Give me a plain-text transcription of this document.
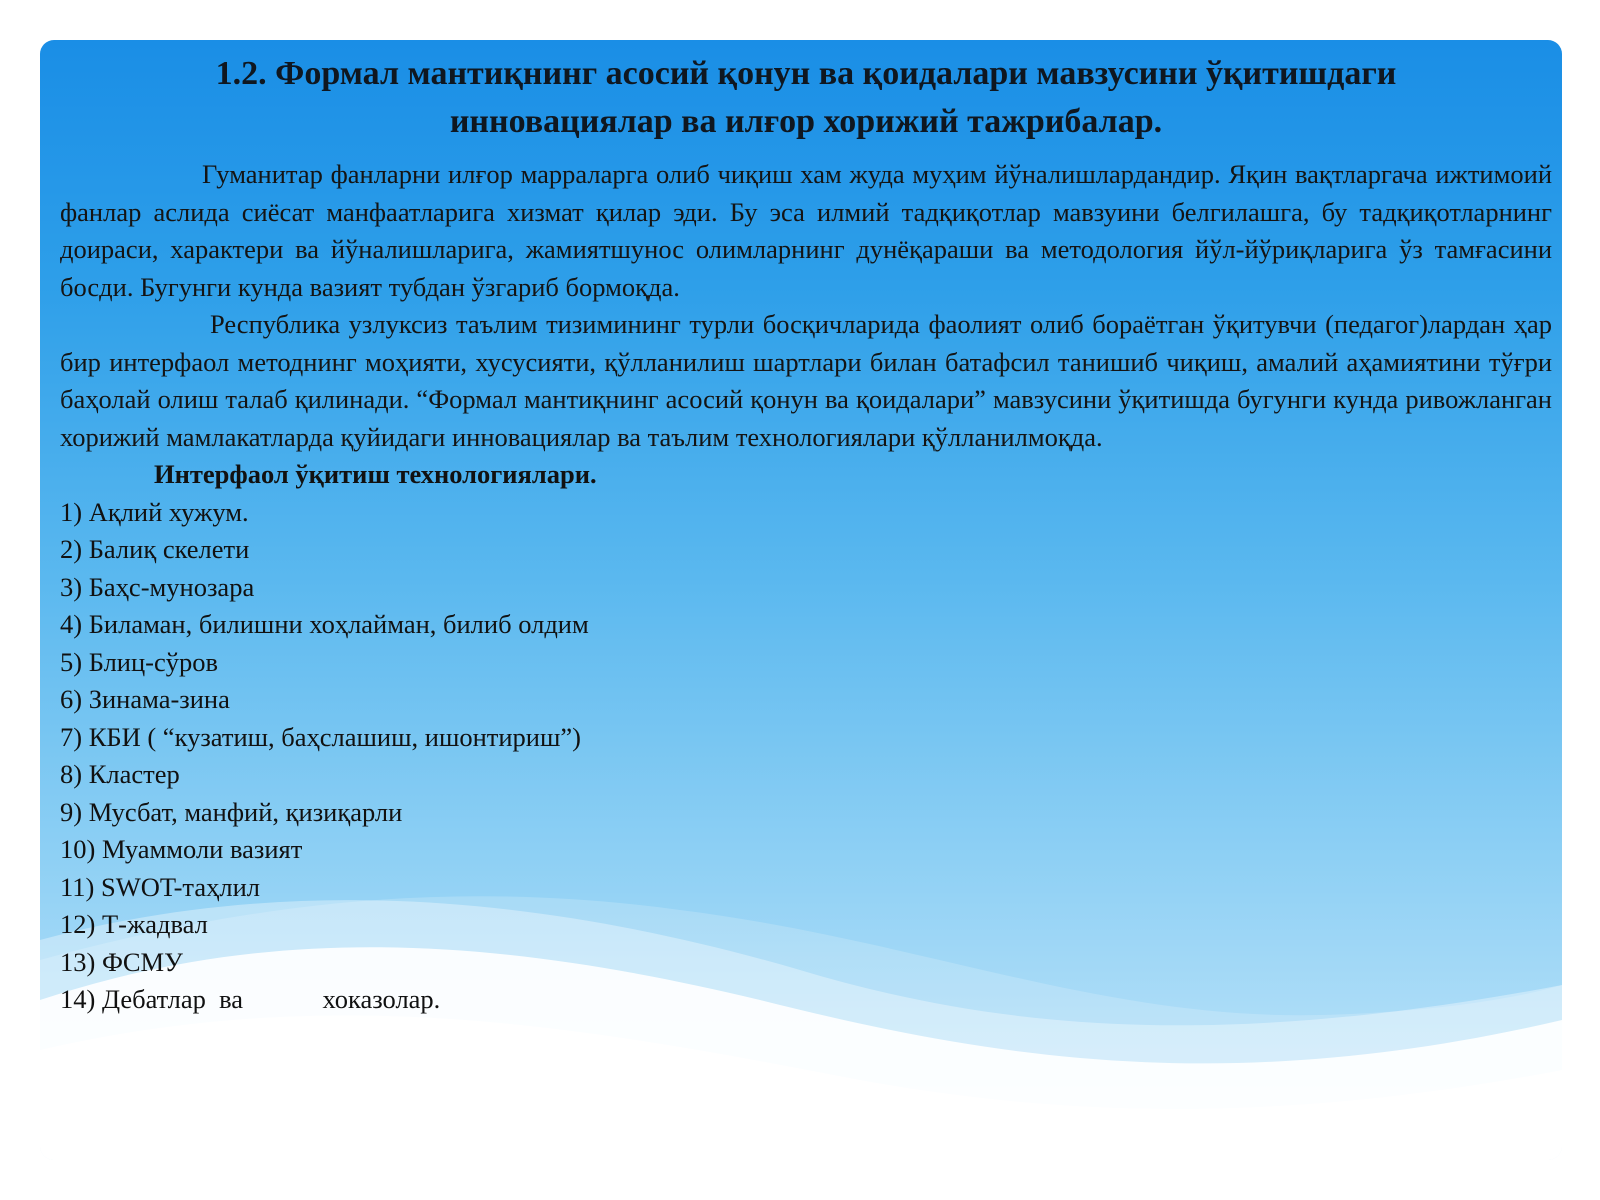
1.2. Формал мантиқнинг асосий қонун ва қоидалари мавзусини ўқитишдаги
инновациялар ва илғор хорижий тажрибалар.

Гуманитар фанларни илғор марраларга олиб чиқиш хам жуда муҳим йўналишлардандир. Яқин вақтларгача ижтимоий фанлар аслида сиёсат манфаатларига хизмат қилар эди. Бу эса илмий тадқиқотлар мавзуини белгилашга, бу тадқиқотларнинг доираси, характери ва йўналишларига, жамиятшунос олимларнинг дунёқараши ва методология йўл-йўриқларига ўз тамғасини босди. Бугунги кунда вазият тубдан ўзгариб бормоқда.

Республика узлуксиз таълим тизимининг турли босқичларида фаолият олиб бораётган ўқитувчи (педагог)лардан ҳар бир интерфаол методнинг моҳияти, хусусияти, қўлланилиш шартлари билан батафсил танишиб чиқиш, амалий аҳамиятини тўғри баҳолай олиш талаб қилинади. “Формал мантиқнинг асосий қонун ва қоидалари” мавзусини ўқитишда бугунги кунда ривожланган хорижий мамлакатларда қуйидаги инновациялар ва таълим технологиялари қўлланилмоқда.

Интерфаол ўқитиш технологиялари.

1) Ақлий хужум.
2) Балиқ скелети
3) Баҳс-мунозара
4) Биламан, билишни хоҳлайман, билиб олдим
5) Блиц-сўров
6) Зинама-зина
7) КБИ ( “кузатиш, баҳслашиш, ишонтириш”)
8) Кластер
9) Мусбат, манфий, қизиқарли
10) Муаммоли вазият
11) SWOT-таҳлил
12) Т-жадвал
13) ФСМУ
14) Дебатлар  ва            хоказолар.
